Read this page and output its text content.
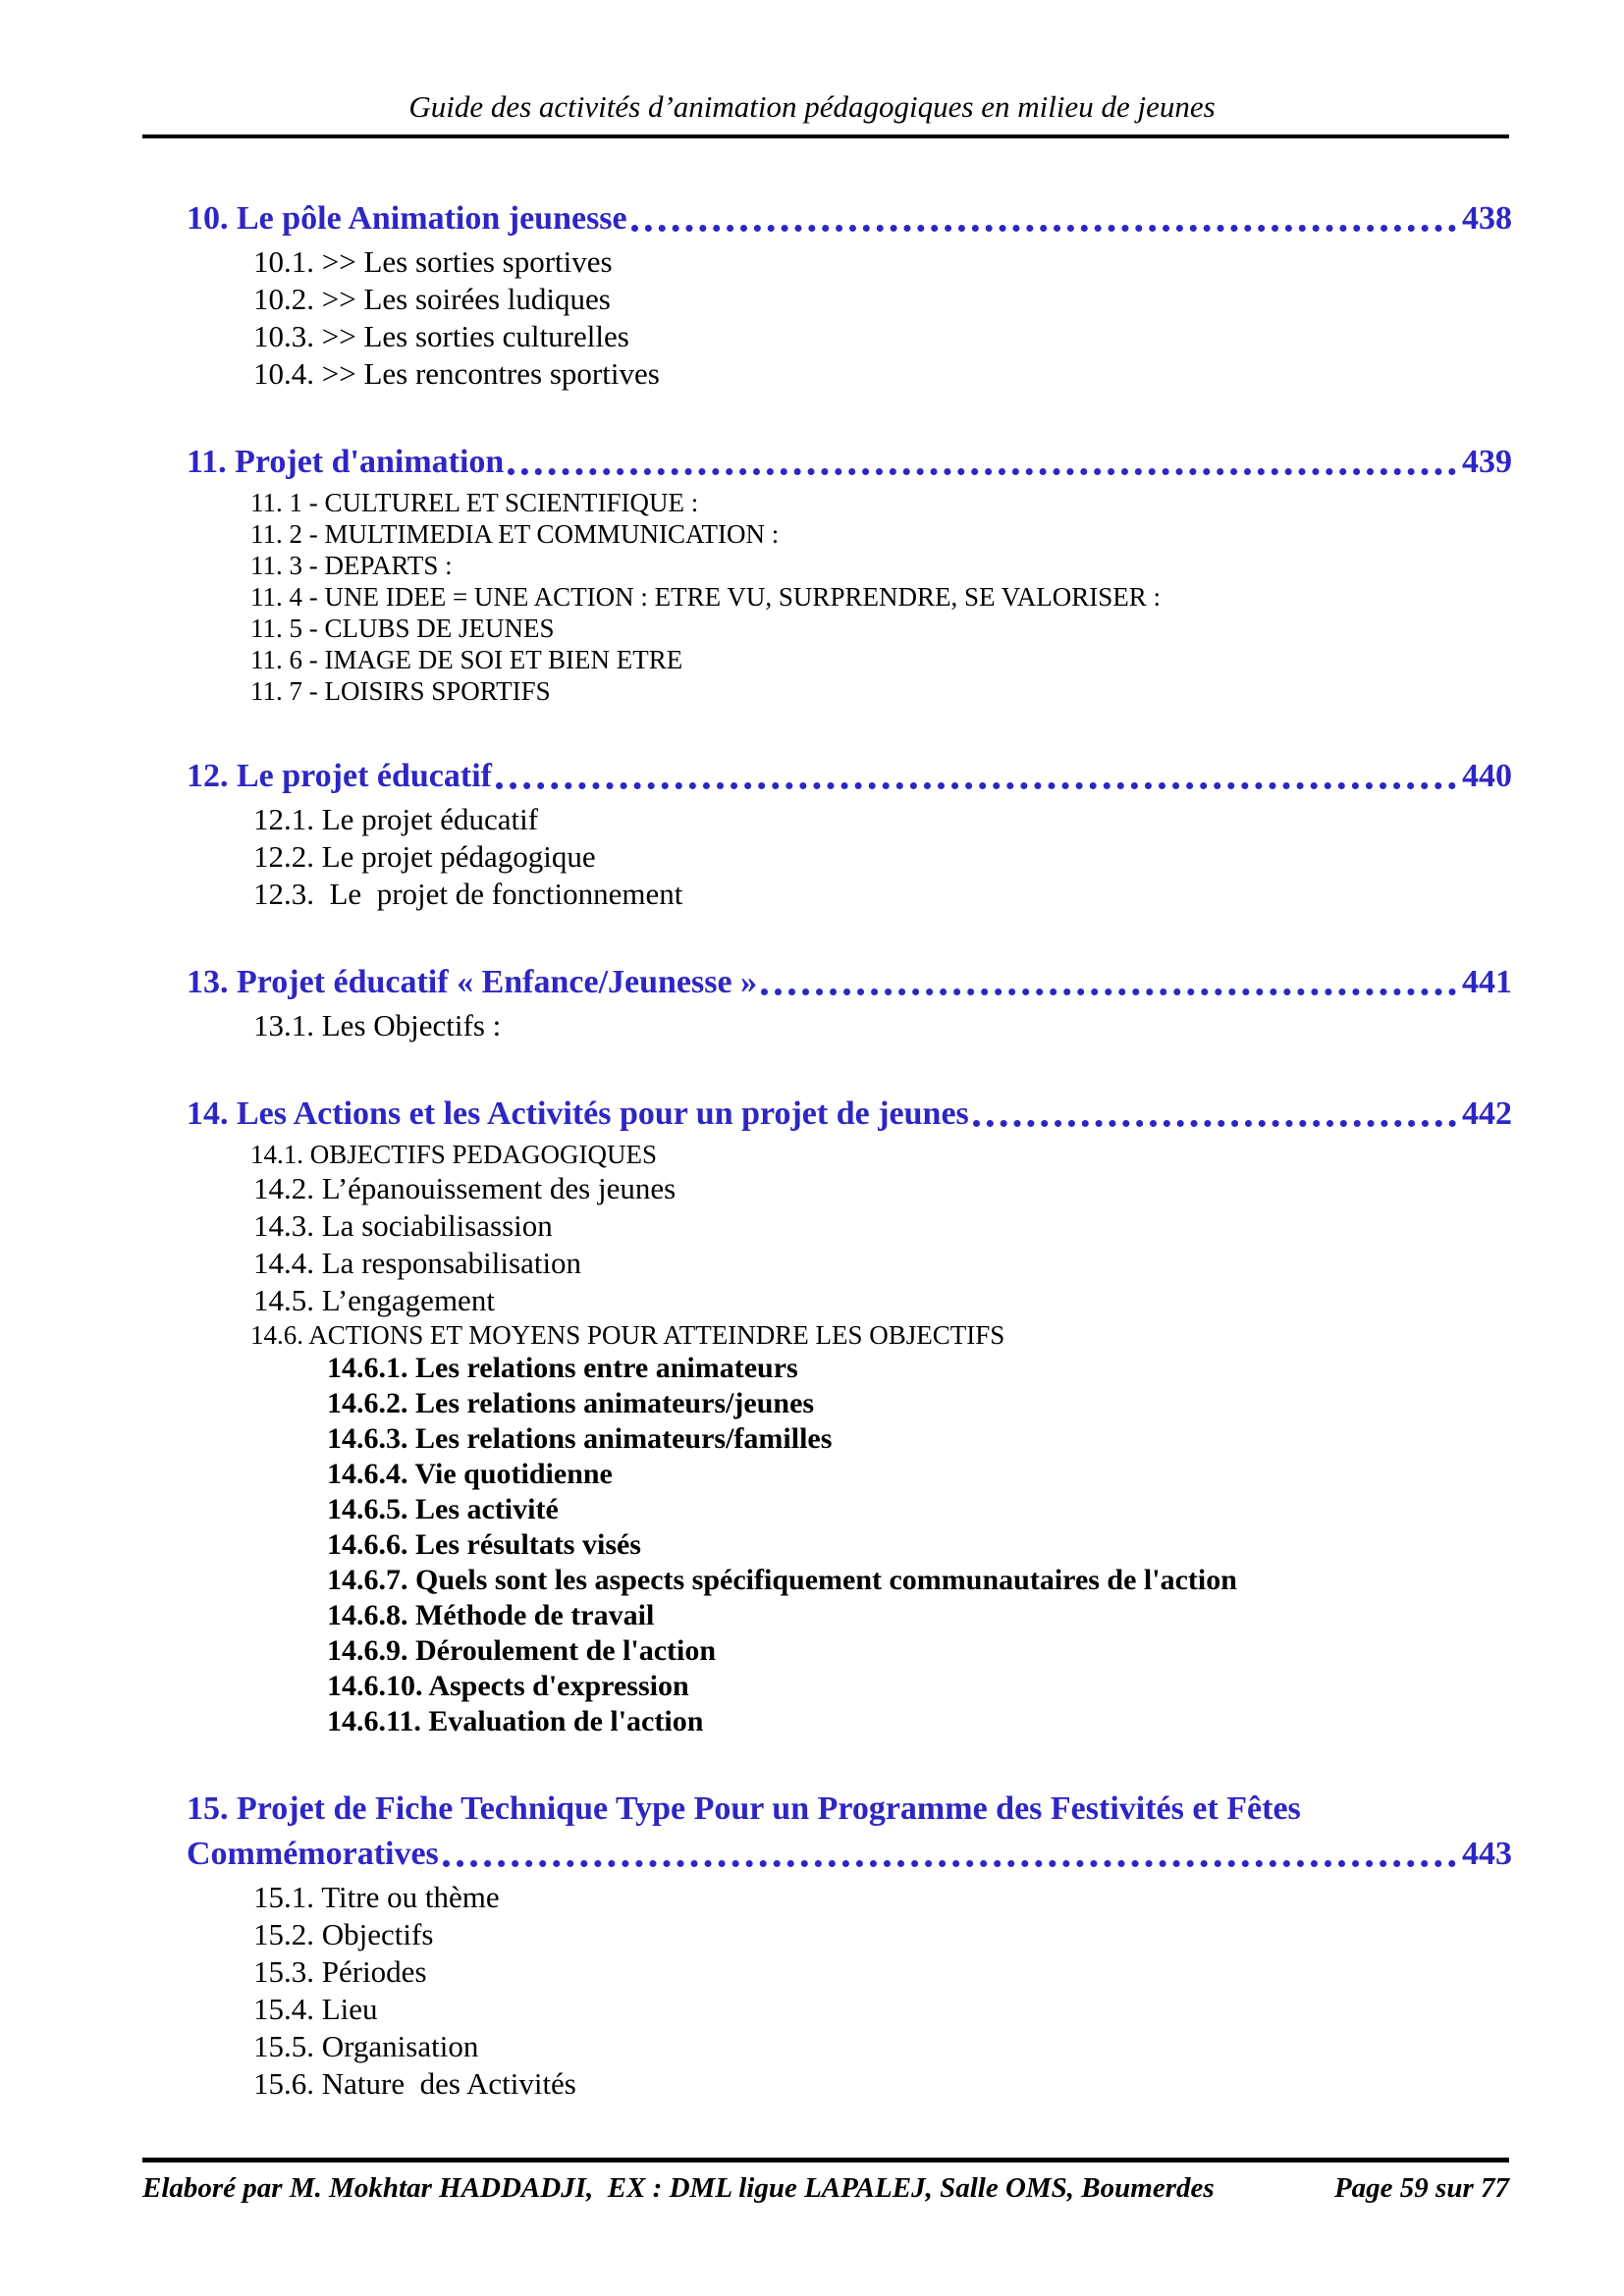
Guide des activités d’animation pédagogiques en milieu de jeunes
10. Le pôle Animation jeunesse	438
10.1. >> Les sorties sportives
10.2. >> Les soirées ludiques
10.3. >> Les sorties culturelles
10.4. >> Les rencontres sportives
11. Projet d'animation	439
11. 1 - CULTUREL ET SCIENTIFIQUE :
11. 2 - MULTIMEDIA ET COMMUNICATION :
11. 3 - DEPARTS :
11. 4 - UNE IDEE = UNE ACTION : ETRE VU, SURPRENDRE, SE VALORISER :
11. 5 - CLUBS DE JEUNES
11. 6 - IMAGE DE SOI ET BIEN ETRE
11. 7 - LOISIRS SPORTIFS
12. Le projet éducatif	440
12.1. Le projet éducatif
12.2. Le projet pédagogique
12.3.  Le  projet de fonctionnement
13. Projet éducatif « Enfance/Jeunesse »	441
13.1. Les Objectifs :
14. Les Actions et les Activités pour un projet de jeunes	442
14.1. OBJECTIFS PEDAGOGIQUES
14.2. L’épanouissement des jeunes
14.3. La sociabilisassion
14.4. La responsabilisation
14.5. L’engagement
14.6. ACTIONS ET MOYENS POUR ATTEINDRE LES OBJECTIFS
14.6.1. Les relations entre animateurs
14.6.2. Les relations animateurs/jeunes
14.6.3. Les relations animateurs/familles
14.6.4. Vie quotidienne
14.6.5. Les activité
14.6.6. Les résultats visés
14.6.7. Quels sont les aspects spécifiquement communautaires de l'action
14.6.8. Méthode de travail
14.6.9. Déroulement de l'action
14.6.10. Aspects d'expression
14.6.11. Evaluation de l'action
15. Projet de Fiche Technique Type Pour un Programme des Festivités et Fêtes
Commémoratives	443
15.1. Titre ou thème
15.2. Objectifs
15.3. Périodes
15.4. Lieu
15.5. Organisation
15.6. Nature  des Activités
Elaboré par M. Mokhtar HADDADJI,  EX : DML ligue LAPALEJ, Salle OMS, Boumerdes	Page 59 sur 77
